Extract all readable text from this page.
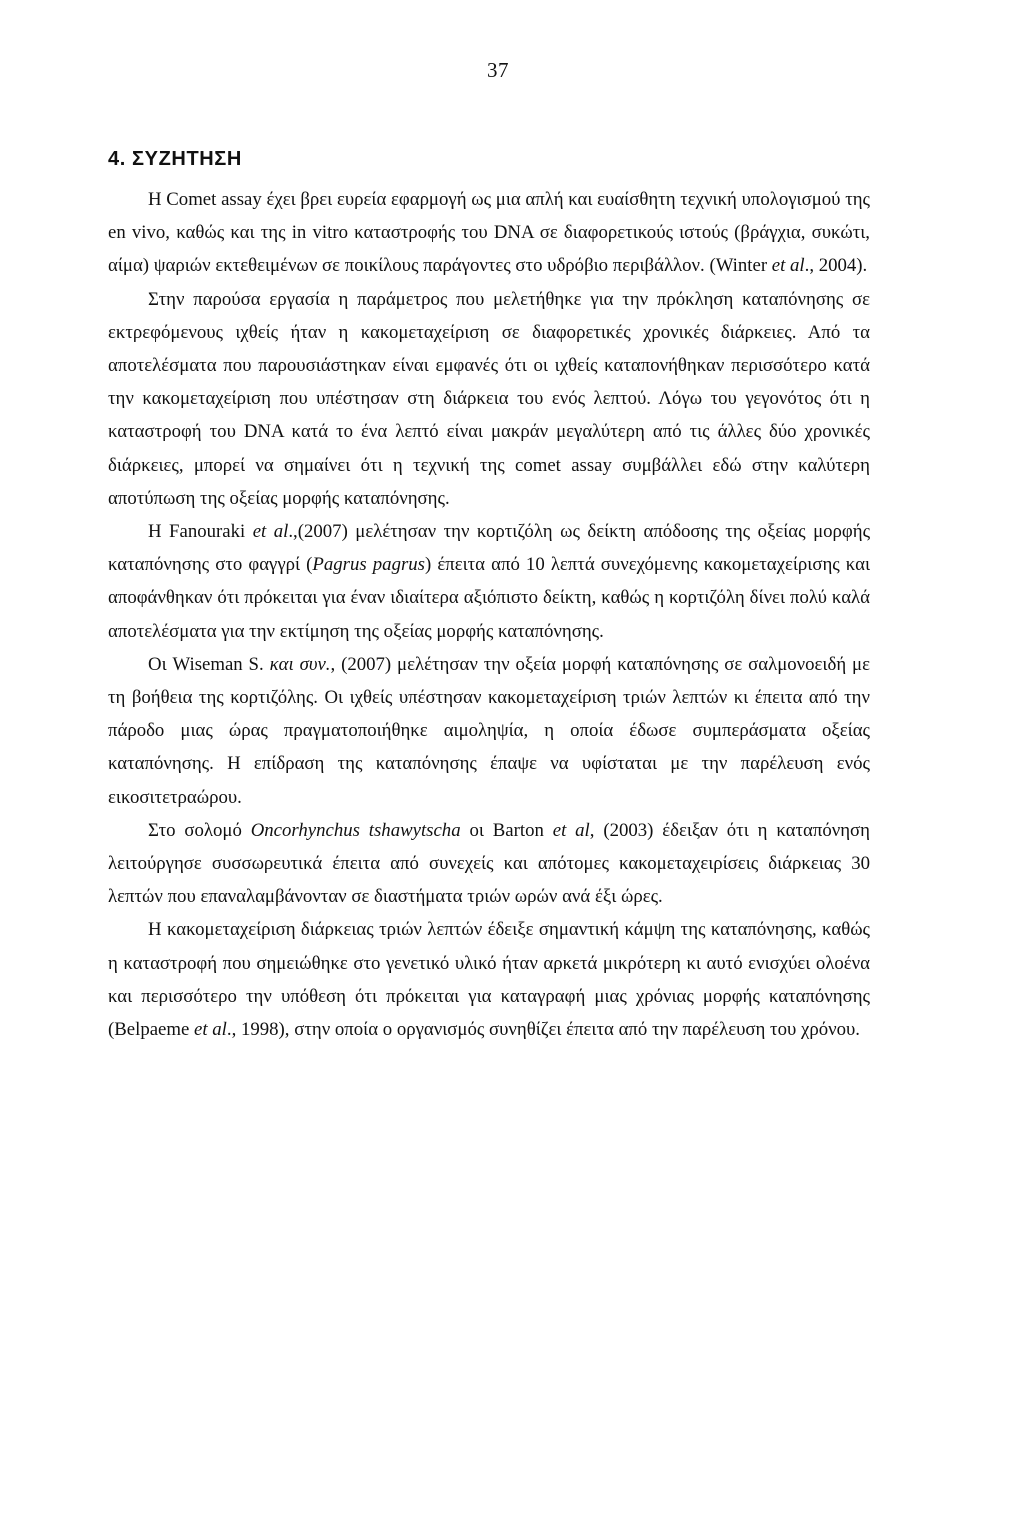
37
4. ΣΥΖΗΤΗΣΗ

Η Comet assay έχει βρει ευρεία εφαρμογή ως μια απλή και ευαίσθητη τεχνική υπολογισμού της en vivo, καθώς και της in vitro καταστροφής του DNA σε διαφορετικούς ιστούς (βράγχια, συκώτι, αίμα) ψαριών εκτεθειμένων σε ποικίλους παράγοντες στο υδρόβιο περιβάλλον. (Winter et al., 2004).

Στην παρούσα εργασία η παράμετρος που μελετήθηκε για την πρόκληση καταπόνησης σε εκτρεφόμενους ιχθείς ήταν η κακομεταχείριση σε διαφορετικές χρονικές διάρκειες. Από τα αποτελέσματα που παρουσιάστηκαν είναι εμφανές ότι οι ιχθείς καταπονήθηκαν περισσότερο κατά την κακομεταχείριση που υπέστησαν στη διάρκεια του ενός λεπτού. Λόγω του γεγονότος ότι η καταστροφή του DNA κατά το ένα λεπτό είναι μακράν μεγαλύτερη από τις άλλες δύο χρονικές διάρκειες, μπορεί να σημαίνει ότι η τεχνική της comet assay συμβάλλει εδώ στην καλύτερη αποτύπωση της οξείας μορφής καταπόνησης.

Η Fanouraki et al.,(2007) μελέτησαν την κορτιζόλη ως δείκτη απόδοσης της οξείας μορφής καταπόνησης στο φαγγρί (Pagrus pagrus) έπειτα από 10 λεπτά συνεχόμενης κακομεταχείρισης και αποφάνθηκαν ότι πρόκειται για έναν ιδιαίτερα αξιόπιστο δείκτη, καθώς η κορτιζόλη δίνει πολύ καλά αποτελέσματα για την εκτίμηση της οξείας μορφής καταπόνησης.

Οι Wiseman S. και συν., (2007) μελέτησαν την οξεία μορφή καταπόνησης σε σαλμονοειδή με τη βοήθεια της κορτιζόλης. Οι ιχθείς υπέστησαν κακομεταχείριση τριών λεπτών κι έπειτα από την πάροδο μιας ώρας πραγματοποιήθηκε αιμοληψία, η οποία έδωσε συμπεράσματα οξείας καταπόνησης. Η επίδραση της καταπόνησης έπαψε να υφίσταται με την παρέλευση ενός εικοσιτετραώρου.

Στο σολομό Oncorhynchus tshawytscha οι Barton et al, (2003) έδειξαν ότι η καταπόνηση λειτούργησε συσσωρευτικά έπειτα από συνεχείς και απότομες κακομεταχειρίσεις διάρκειας 30 λεπτών που επαναλαμβάνονταν σε διαστήματα τριών ωρών ανά έξι ώρες.

Η κακομεταχείριση διάρκειας τριών λεπτών έδειξε σημαντική κάμψη της καταπόνησης, καθώς η καταστροφή που σημειώθηκε στο γενετικό υλικό ήταν αρκετά μικρότερη κι αυτό ενισχύει ολοένα και περισσότερο την υπόθεση ότι πρόκειται για καταγραφή μιας χρόνιας μορφής καταπόνησης (Belpaeme et al., 1998), στην οποία ο οργανισμός συνηθίζει έπειτα από την παρέλευση του χρόνου.
